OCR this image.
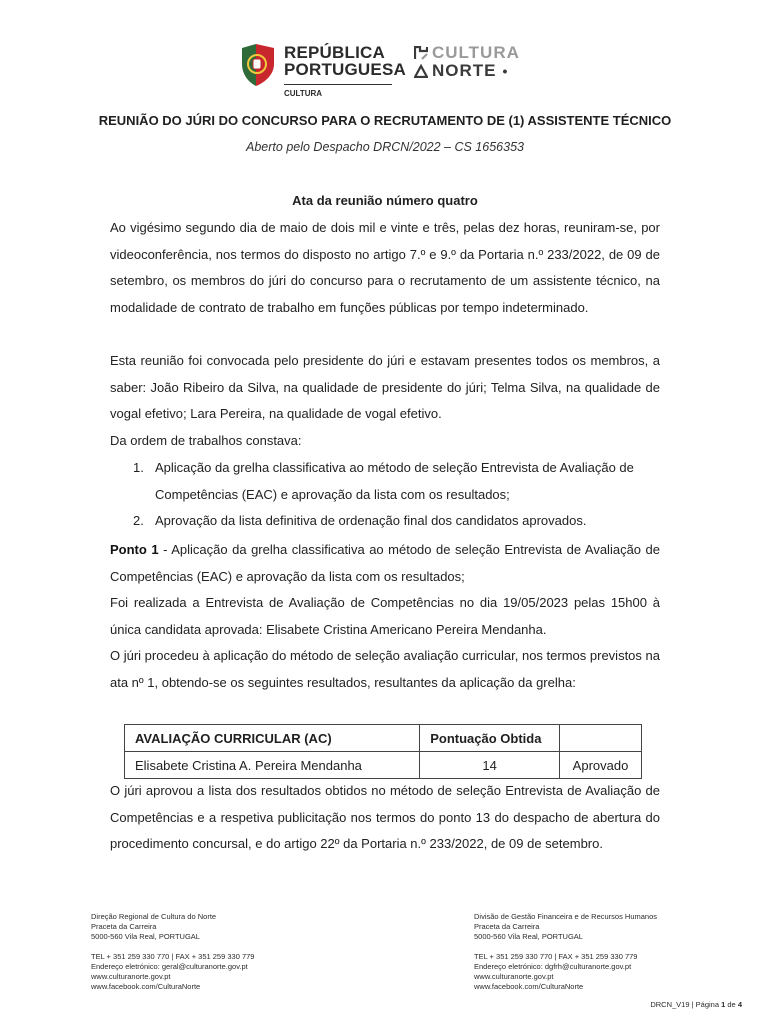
REPÚBLICA
PORTUGUESA
CULTURA
CULTURA
NORTE •
REUNIÃO DO JÚRI DO CONCURSO PARA O RECRUTAMENTO DE (1) ASSISTENTE TÉCNICO
Aberto pelo Despacho DRCN/2022 – CS 1656353
Ata da reunião número quatro
Ao vigésimo segundo dia de maio de dois mil e vinte e três, pelas dez horas, reuniram-se, por videoconferência, nos termos do disposto no artigo 7.º e 9.º da Portaria n.º 233/2022, de 09 de setembro, os membros do júri do concurso para o recrutamento de um assistente técnico, na modalidade de contrato de trabalho em funções públicas por tempo indeterminado.
Esta reunião foi convocada pelo presidente do júri e estavam presentes todos os membros, a saber: João Ribeiro da Silva, na qualidade de presidente do júri; Telma Silva, na qualidade de vogal efetivo; Lara Pereira, na qualidade de vogal efetivo.
Da ordem de trabalhos constava:
1. Aplicação da grelha classificativa ao método de seleção Entrevista de Avaliação de Competências (EAC) e aprovação da lista com os resultados;
2. Aprovação da lista definitiva de ordenação final dos candidatos aprovados.
Ponto 1 - Aplicação da grelha classificativa ao método de seleção Entrevista de Avaliação de Competências (EAC) e aprovação da lista com os resultados;
Foi realizada a Entrevista de Avaliação de Competências no dia 19/05/2023 pelas 15h00 à única candidata aprovada: Elisabete Cristina Americano Pereira Mendanha.
O júri procedeu à aplicação do método de seleção avaliação curricular, nos termos previstos na ata nº 1, obtendo-se os seguintes resultados, resultantes da aplicação da grelha:
AVALIAÇÃO CURRICULAR (AC)	Pontuação Obtida	
Elisabete Cristina A. Pereira Mendanha	14	Aprovado
O júri aprovou a lista dos resultados obtidos no método de seleção Entrevista de Avaliação de Competências e a respetiva publicitação nos termos do ponto 13 do despacho de abertura do procedimento concursal, e do artigo 22º da Portaria n.º 233/2022, de 09 de setembro.
Direção Regional de Cultura do Norte
Praceta da Carreira
5000-560 Vila Real, PORTUGAL
TEL + 351 259 330 770 | FAX + 351 259 330 779
Endereço eletrónico: geral@culturanorte.gov.pt
www.culturanorte.gov.pt
www.facebook.com/CulturaNorte
Divisão de Gestão Financeira e de Recursos Humanos
Praceta da Carreira
5000-560 Vila Real, PORTUGAL
TEL + 351 259 330 770 | FAX + 351 259 330 779
Endereço eletrónico: dgfrh@culturanorte.gov.pt
www.culturanorte.gov.pt
www.facebook.com/CulturaNorte
DRCN_V19 | Página 1 de 4
